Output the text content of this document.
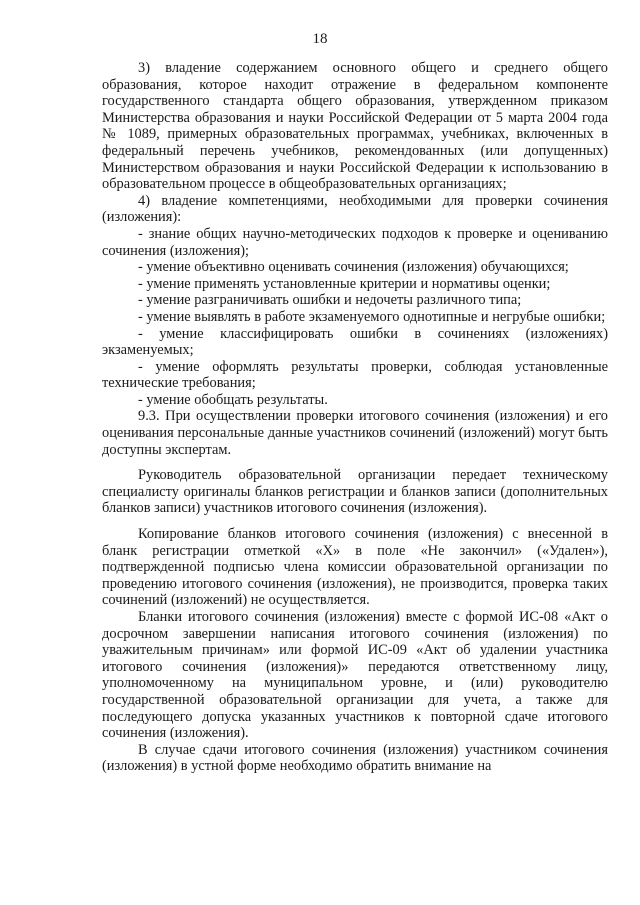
18

3) владение содержанием основного общего и среднего общего образования, которое находит отражение в федеральном компоненте государственного стандарта общего образования, утвержденном приказом Министерства образования и науки Российской Федерации от 5 марта 2004 года № 1089, примерных образовательных программах, учебниках, включенных в федеральный перечень учебников, рекомендованных (или допущенных) Министерством образования и науки Российской Федерации к использованию в образовательном процессе в общеобразовательных организациях;

4) владение компетенциями, необходимыми для проверки сочинения (изложения):

- знание общих научно-методических подходов к проверке и оцениванию сочинения (изложения);

- умение объективно оценивать сочинения (изложения) обучающихся;

- умение применять установленные критерии и нормативы оценки;

- умение разграничивать ошибки и недочеты различного типа;

- умение выявлять в работе экзаменуемого однотипные и негрубые ошибки;

- умение классифицировать ошибки в сочинениях (изложениях) экзаменуемых;

- умение оформлять результаты проверки, соблюдая установленные технические требования;

- умение обобщать результаты.

9.3. При осуществлении проверки итогового сочинения (изложения) и его оценивания персональные данные участников сочинений (изложений) могут быть доступны экспертам.

Руководитель образовательной организации передает техническому специалисту оригиналы бланков регистрации и бланков записи (дополнительных бланков записи) участников итогового сочинения (изложения).

Копирование бланков итогового сочинения (изложения) с внесенной в бланк регистрации отметкой «Х» в поле «Не закончил» («Удален»), подтвержденной подписью члена комиссии образовательной организации по проведению итогового сочинения (изложения), не производится, проверка таких сочинений (изложений) не осуществляется.

Бланки итогового сочинения (изложения) вместе с формой ИС-08 «Акт о досрочном завершении написания итогового сочинения (изложения) по уважительным причинам» или формой ИС-09 «Акт об удалении участника итогового сочинения (изложения)» передаются ответственному лицу, уполномоченному на муниципальном уровне, и (или) руководителю государственной образовательной организации для учета, а также для последующего допуска указанных участников к повторной сдаче итогового сочинения (изложения).

В случае сдачи итогового сочинения (изложения) участником сочинения (изложения) в устной форме необходимо обратить внимание на
